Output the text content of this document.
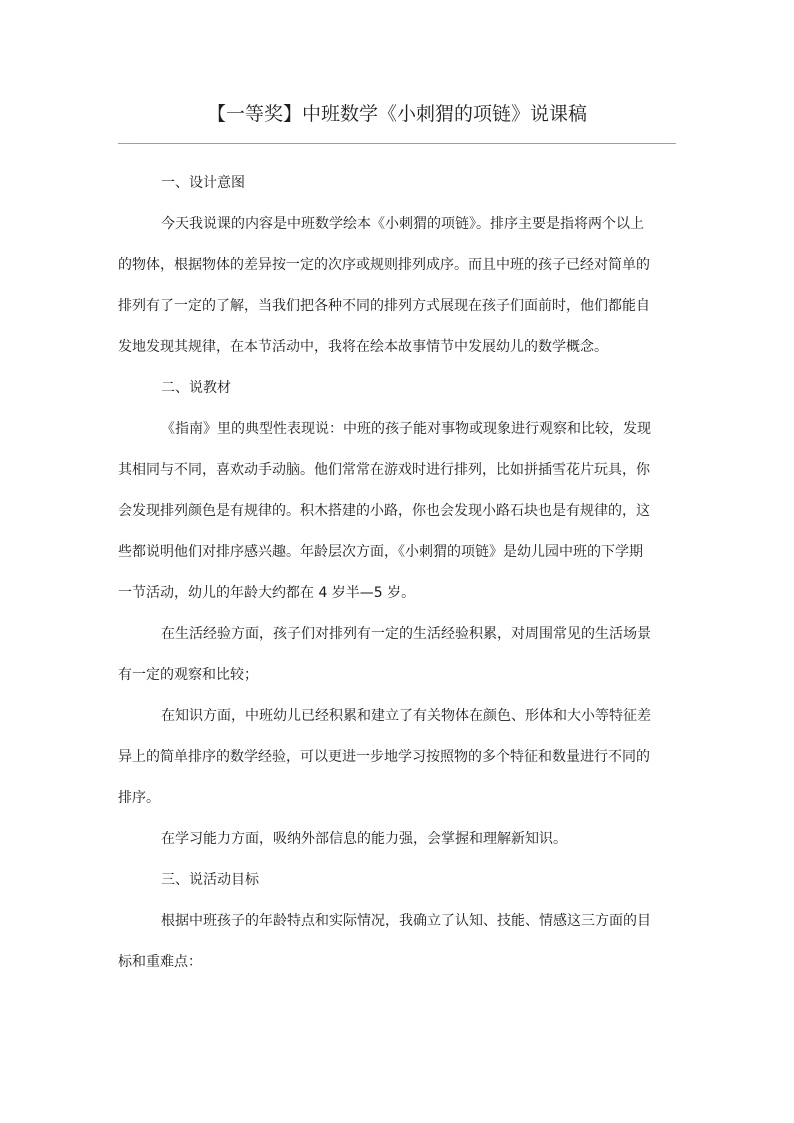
【一等奖】中班数学《小刺猬的项链》说课稿

一、设计意图

今天我说课的内容是中班数学绘本《小刺猬的项链》。排序主要是指将两个以上
的物体，根据物体的差异按一定的次序或规则排列成序。而且中班的孩子已经对简单的
排列有了一定的了解，当我们把各种不同的排列方式展现在孩子们面前时，他们都能自
发地发现其规律，在本节活动中，我将在绘本故事情节中发展幼儿的数学概念。

二、说教材

《指南》里的典型性表现说：中班的孩子能对事物或现象进行观察和比较，发现
其相同与不同，喜欢动手动脑。他们常常在游戏时进行排列，比如拼插雪花片玩具，你
会发现排列颜色是有规律的。积木搭建的小路，你也会发现小路石块也是有规律的，这
些都说明他们对排序感兴趣。年龄层次方面，《小刺猬的项链》是幼儿园中班的下学期
一节活动，幼儿的年龄大约都在 4 岁半—5 岁。

在生活经验方面，孩子们对排列有一定的生活经验积累，对周围常见的生活场景
有一定的观察和比较；

在知识方面，中班幼儿已经积累和建立了有关物体在颜色、形体和大小等特征差
异上的简单排序的数学经验，可以更进一步地学习按照物的多个特征和数量进行不同的
排序。

在学习能力方面，吸纳外部信息的能力强，会掌握和理解新知识。

三、说活动目标

根据中班孩子的年龄特点和实际情况，我确立了认知、技能、情感这三方面的目
标和重难点：
